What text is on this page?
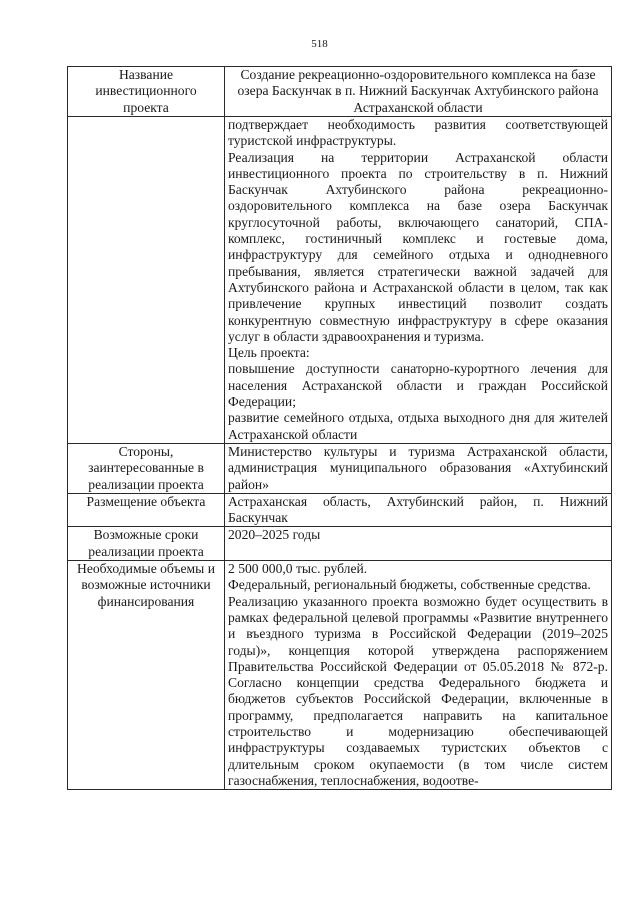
518
Название инвестиционного проекта	Создание рекреационно-оздоровительного комплекса на базе озера Баскунчак в п. Нижний Баскунчак Ахтубинского района Астраханской области

	подтверждает необходимость развития соответствующей туристской инфраструктуры.

Реализация на территории Астраханской области инвестиционного проекта по строительству в п. Нижний Баскунчак Ахтубинского района рекреационно-оздоровительного комплекса на базе озера Баскунчак круглосуточной работы, включающего санаторий, СПА-комплекс, гостиничный комплекс и гостевые дома, инфраструктуру для семейного отдыха и однодневного пребывания, является стратегически важной задачей для Ахтубинского района и Астраханской области в целом, так как привлечение крупных инвестиций позволит создать конкурентную совместную инфраструктуру в сфере оказания услуг в области здравоохранения и туризма.

Цель проекта:

повышение доступности санаторно-курортного лечения для населения Астраханской области и граждан Российской Федерации;

развитие семейного отдыха, отдыха выходного дня для жителей Астраханской области

Стороны, заинтересованные в реализации проекта	Министерство культуры и туризма Астраханской области, администрация муниципального образования «Ахтубинский район»
Размещение объекта	Астраханская область, Ахтубинский район, п. Нижний Баскунчак
Возможные сроки реализации проекта	2020–2025 годы
Необходимые объемы и возможные источники финансирования	2 500 000,0 тыс. рублей.

Федеральный, региональный бюджеты, собственные средства.

Реализацию указанного проекта возможно будет осуществить в рамках федеральной целевой программы «Развитие внутреннего и въездного туризма в Российской Федерации (2019–2025 годы)», концепция которой утверждена распоряжением Правительства Российской Федерации от 05.05.2018 № 872-р. Согласно концепции средства Федерального бюджета и бюджетов субъектов Российской Федерации, включенные в программу, предполагается направить на капитальное строительство и модернизацию обеспечивающей инфраструктуры создаваемых туристских объектов с длительным сроком окупаемости (в том числе систем газоснабжения, теплоснабжения, водоотве-
